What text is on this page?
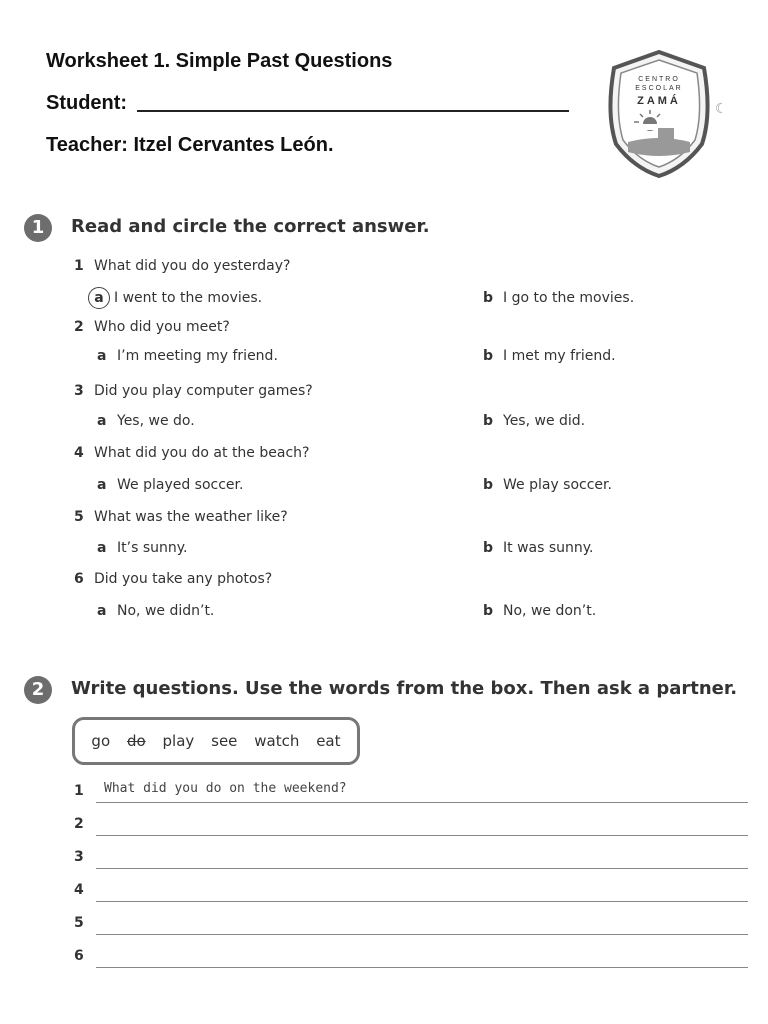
Worksheet 1. Simple Past Questions
Student:
Teacher: Itzel Cervantes León.
CENTRO
ESCOLAR
ZAMÁ ☾
1	Read and circle the correct answer.
1 What did you do yesterday?
a I went to the movies.	b I go to the movies.
2 Who did you meet?
a I’m meeting my friend.	b I met my friend.
3 Did you play computer games?
a Yes, we do.	b Yes, we did.
4 What did you do at the beach?
a We played soccer.	b We play soccer.
5 What was the weather like?
a It’s sunny.	b It was sunny.
6 Did you take any photos?
a No, we didn’t.	b No, we don’t.
2	Write questions. Use the words from the box. Then ask a partner.
go do play see watch eat
1 What did you do on the weekend?
2
3
4
5
6
